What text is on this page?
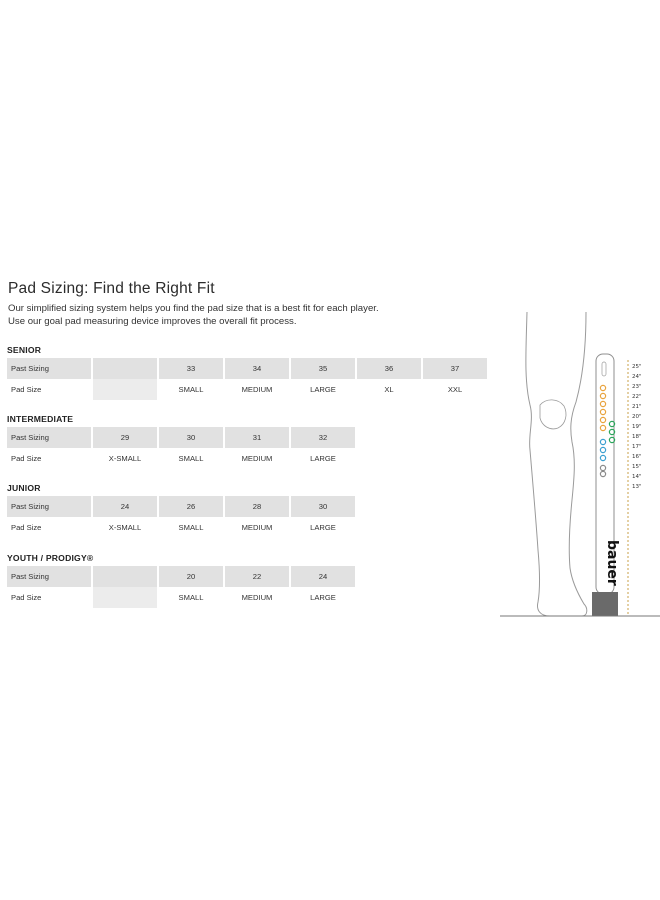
Pad Sizing: Find the Right Fit

Our simplified sizing system helps you find the pad size that is a best fit for each player.

Use our goal pad measuring device improves the overall fit process.

SENIOR
Past Sizing		33	34	35	36	37
Pad Size		SMALL	MEDIUM	LARGE	XL	XXL
INTERMEDIATE
Past Sizing	29	30	31	32
Pad Size	X-SMALL	SMALL	MEDIUM	LARGE
JUNIOR
Past Sizing	24	26	28	30
Pad Size	X-SMALL	SMALL	MEDIUM	LARGE
YOUTH / PRODIGY®
Past Sizing		20	22	24
Pad Size		SMALL	MEDIUM	LARGE
bauer
25"
24"
23"
22"
21"
20"
19"
18"
17"
16"
15"
14"
13"
